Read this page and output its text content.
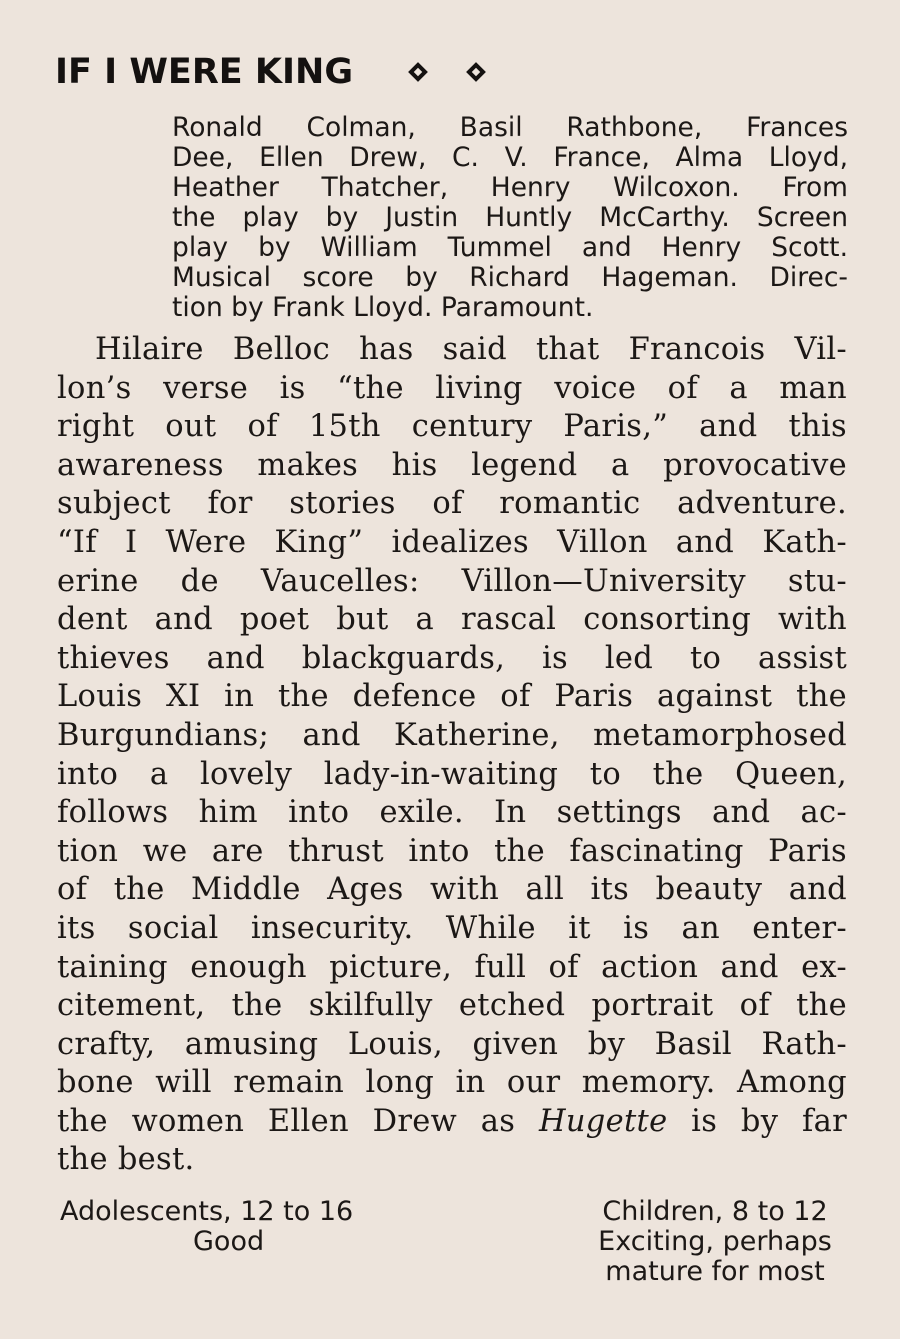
IF I WERE KING
Ronald Colman, Basil Rathbone, Frances
Dee, Ellen Drew, C. V. France, Alma Lloyd,
Heather Thatcher, Henry Wilcoxon. From
the play by Justin Huntly McCarthy. Screen
play by William Tummel and Henry Scott.
Musical score by Richard Hageman. Direc-
tion by Frank Lloyd. Paramount.
Hilaire Belloc has said that Francois Vil-
lon’s verse is “the living voice of a man
right out of 15th century Paris,” and this
awareness makes his legend a provocative
subject for stories of romantic adventure.
“If I Were King” idealizes Villon and Kath-
erine de Vaucelles: Villon—University stu-
dent and poet but a rascal consorting with
thieves and blackguards, is led to assist
Louis XI in the defence of Paris against the
Burgundians; and Katherine, metamorphosed
into a lovely lady-in-waiting to the Queen,
follows him into exile. In settings and ac-
tion we are thrust into the fascinating Paris
of the Middle Ages with all its beauty and
its social insecurity. While it is an enter-
taining enough picture, full of action and ex-
citement, the skilfully etched portrait of the
crafty, amusing Louis, given by Basil Rath-
bone will remain long in our memory. Among
the women Ellen Drew as Hugette is by far
the best.
Adolescents, 12 to 16
Good
Children, 8 to 12
Exciting, perhaps
mature for most
